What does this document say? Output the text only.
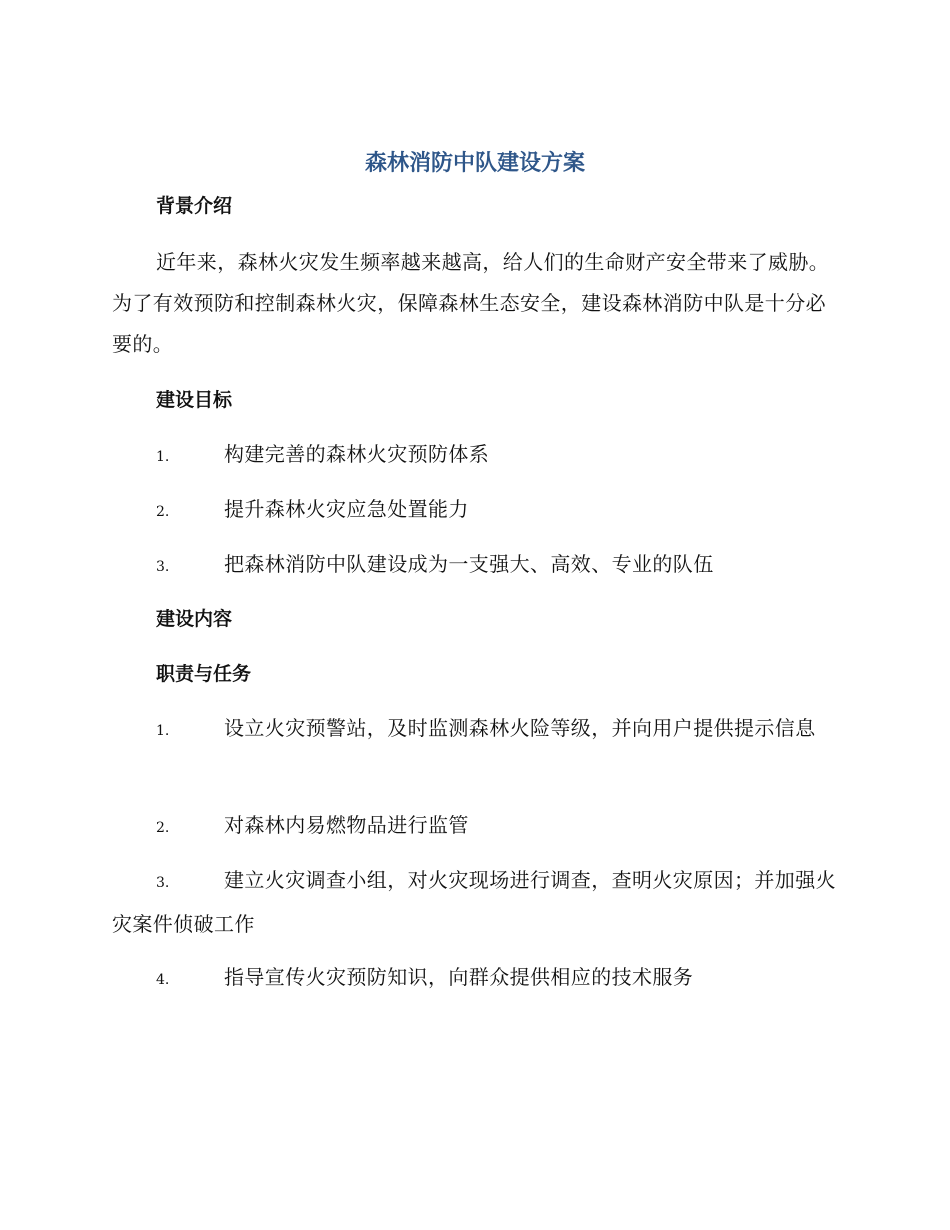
森林消防中队建设方案
背景介绍
近年来，森林火灾发生频率越来越高，给人们的生命财产安全带来了威胁。为了有效预防和控制森林火灾，保障森林生态安全，建设森林消防中队是十分必要的。
建设目标
1.	构建完善的森林火灾预防体系
2.	提升森林火灾应急处置能力
3.	把森林消防中队建设成为一支强大、高效、专业的队伍
建设内容
职责与任务
1.	设立火灾预警站，及时监测森林火险等级，并向用户提供提示信息
2.	对森林内易燃物品进行监管
3.	建立火灾调查小组，对火灾现场进行调查，查明火灾原因；并加强火灾案件侦破工作
4.	指导宣传火灾预防知识，向群众提供相应的技术服务
